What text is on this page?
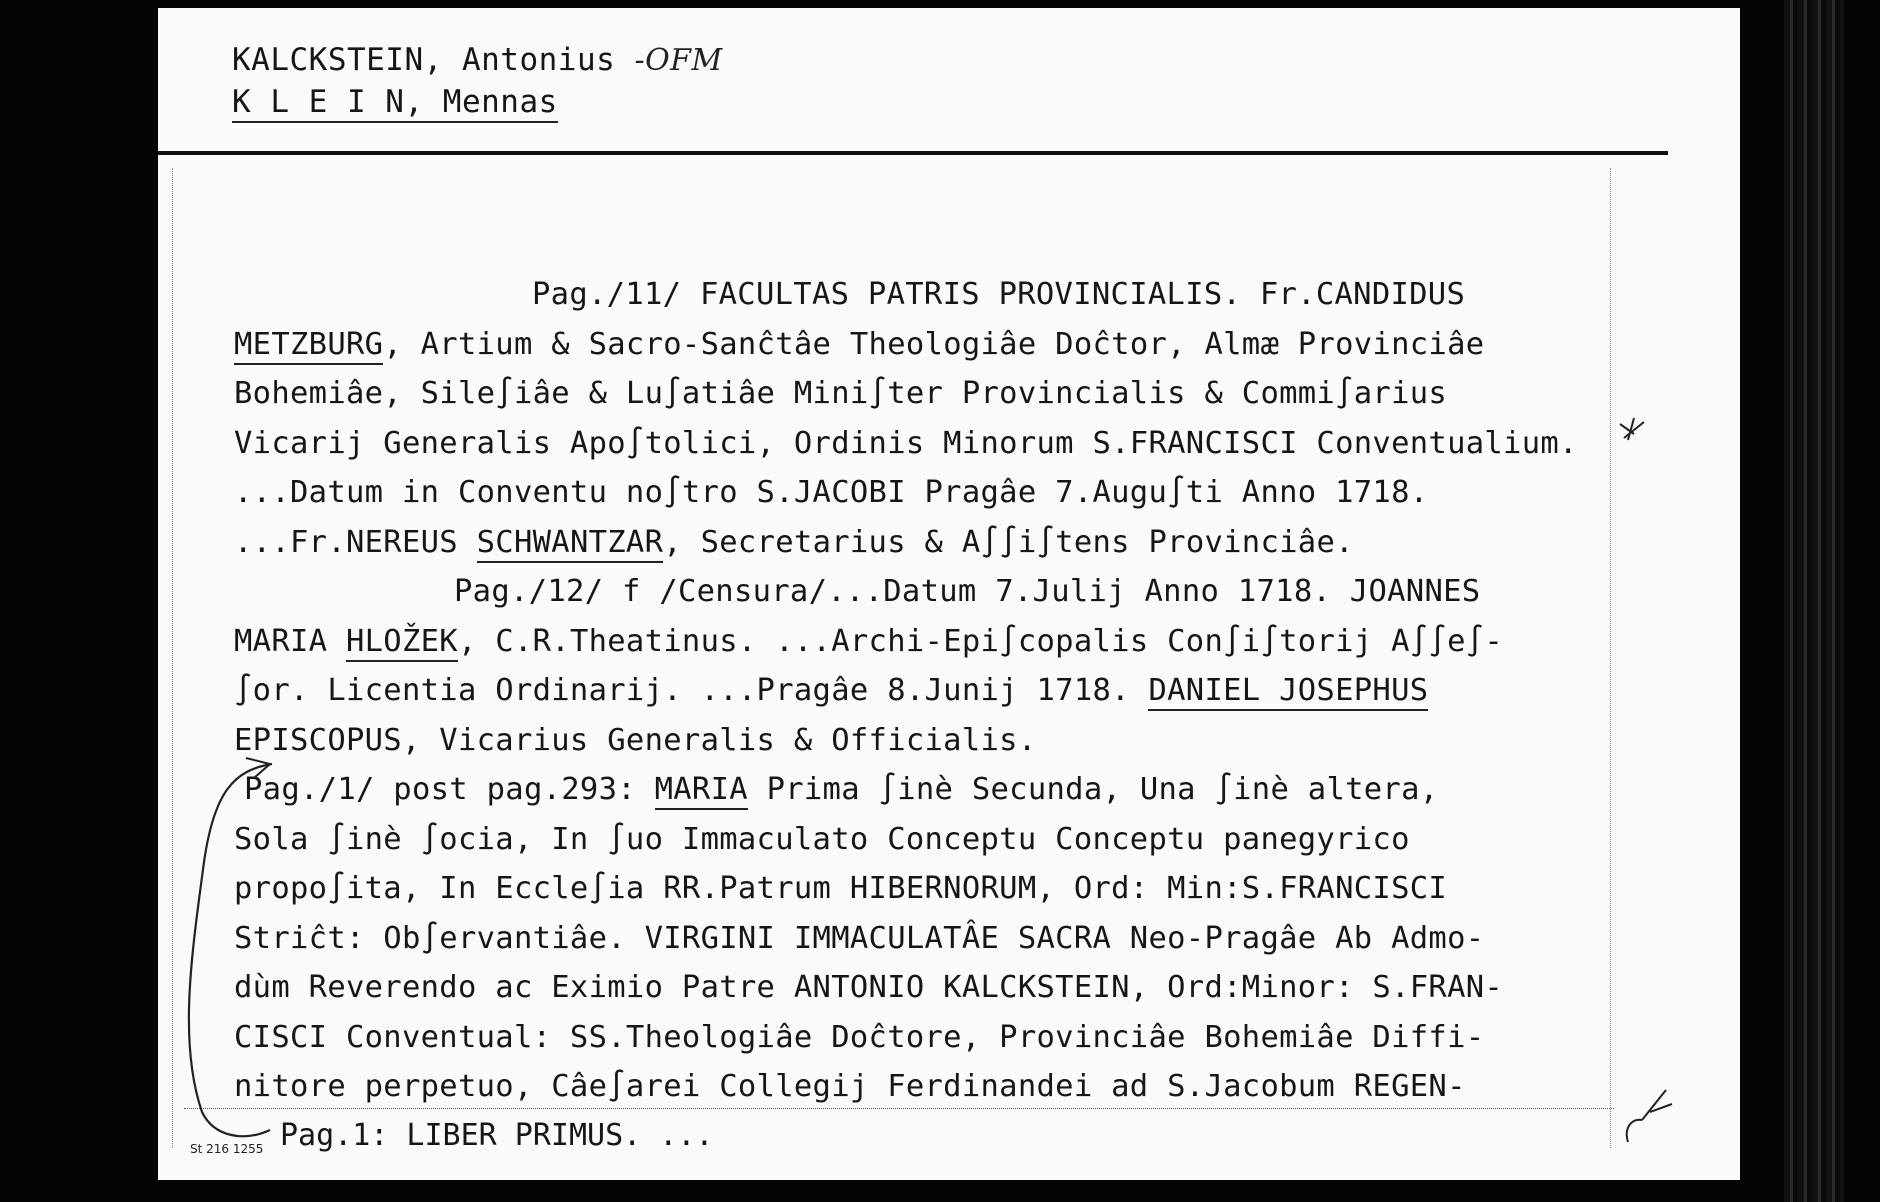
KALCKSTEIN, Antonius -OFM
K L E I N, Mennas
Pag./11/ FACULTAS PATRIS PROVINCIALIS. Fr.CANDIDUS
METZBURG, Artium & Sacro-Sanĉtâe Theologiâe Doĉtor, Almæ Provinciâe
Bohemiâe, Sile∫iâe & Lu∫atiâe Mini∫ter Provincialis & Commi∫arius
Vicarij Generalis Apo∫tolici, Ordinis Minorum S.FRANCISCI Conventualium.
...Datum in Conventu no∫tro S.JACOBI Pragâe 7.Augu∫ti Anno 1718.
...Fr.NEREUS SCHWANTZAR, Secretarius & A∫∫i∫tens Provinciâe.
Pag./12/ f /Censura/...Datum 7.Julij Anno 1718. JOANNES
MARIA HLOŽEK, C.R.Theatinus. ...Archi-Epi∫copalis Con∫i∫torij A∫∫e∫-
∫or. Licentia Ordinarij. ...Pragâe 8.Junij 1718. DANIEL JOSEPHUS
EPISCOPUS, Vicarius Generalis & Officialis.
Pag./1/ post pag.293: MARIA Prima ∫inè Secunda, Una ∫inè altera,
Sola ∫inè ∫ocia, In ∫uo Immaculato Conceptu Conceptu panegyrico
propo∫ita, In Eccle∫ia RR.Patrum HIBERNORUM, Ord: Min:S.FRANCISCI
Striĉt: Ob∫ervantiâe. VIRGINI IMMACULATÂE SACRA Neo-Pragâe Ab Admo-
dùm Reverendo ac Eximio Patre ANTONIO KALCKSTEIN, Ord:Minor: S.FRAN-
CISCI Conventual: SS.Theologiâe Doĉtore, Provinciâe Bohemiâe Diffi-
nitore perpetuo, Câe∫arei Collegij Ferdinandei ad S.Jacobum REGEN-
Pag.1: LIBER PRIMUS. ...
St 216 1255
